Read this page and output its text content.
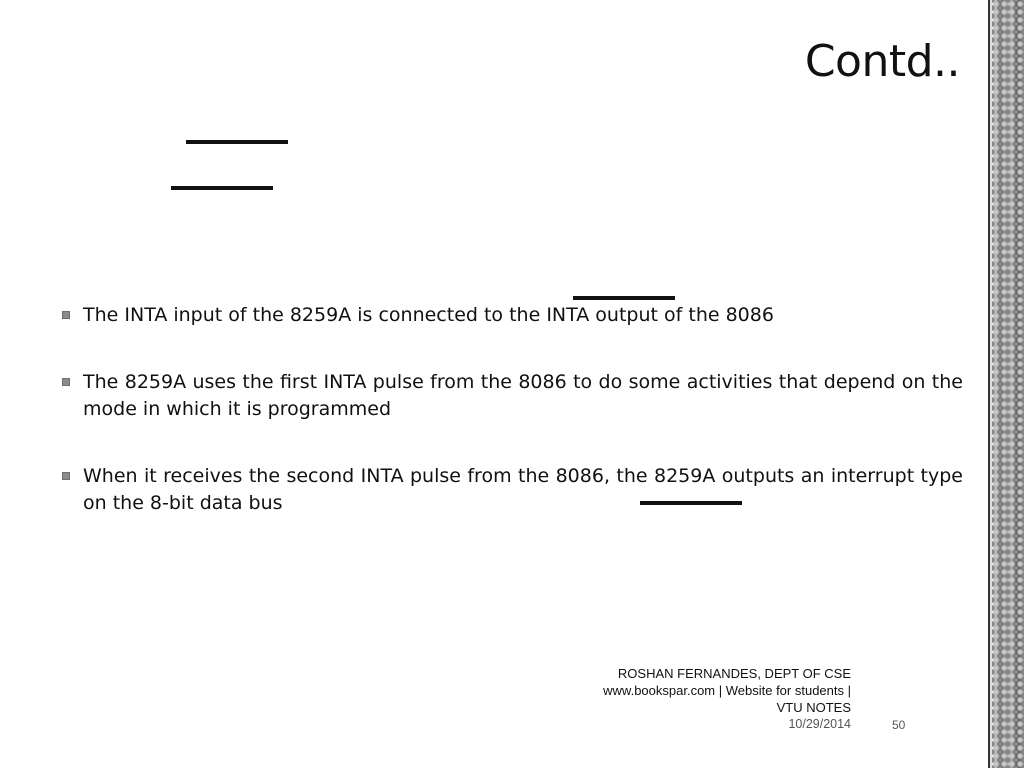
Contd..
The INTA input of the 8259A is connected to the INTA output of the 8086
The 8259A uses the first INTA pulse from the 8086 to do some activities that depend on the mode in which it is programmed
When it receives the second INTA pulse from the 8086, the 8259A outputs an interrupt type on the 8-bit data bus
ROSHAN FERNANDES, DEPT OF CSE
www.bookspar.com | Website for students |
VTU NOTES
10/29/2014	50
